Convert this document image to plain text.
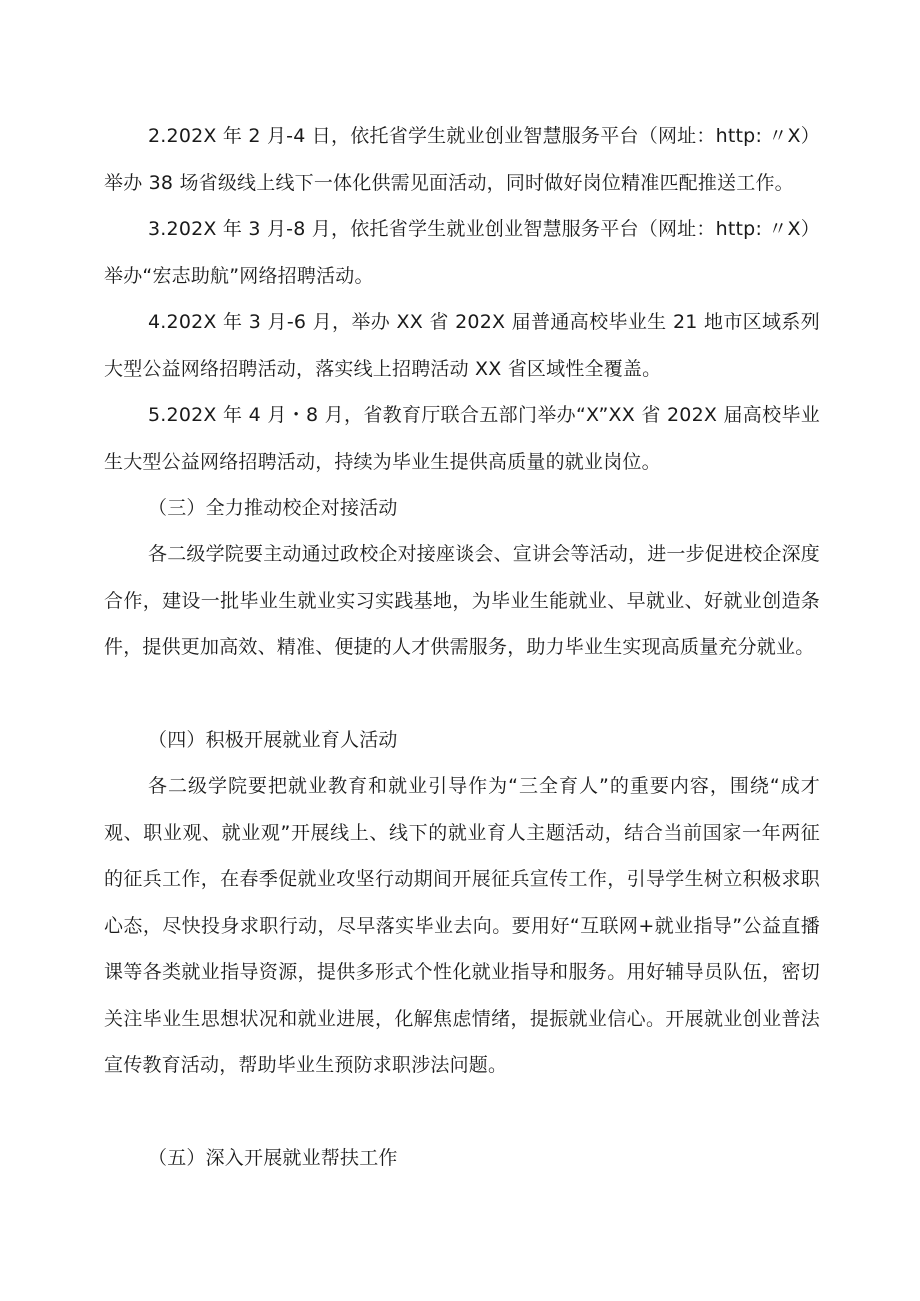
2.202X 年 2 月-4 日，依托省学生就业创业智慧服务平台（网址：http: 〃X）举办 38 场省级线上线下一体化供需见面活动，同时做好岗位精准匹配推送工作。

3.202X 年 3 月-8 月，依托省学生就业创业智慧服务平台（网址：http: 〃X）举办“宏志助航”网络招聘活动。

4.202X 年 3 月-6 月，举办 XX 省 202X 届普通高校毕业生 21 地市区域系列大型公益网络招聘活动，落实线上招聘活动 XX 省区域性全覆盖。

5.202X 年 4 月・8 月，省教育厅联合五部门举办“X”XX 省 202X 届高校毕业生大型公益网络招聘活动，持续为毕业生提供高质量的就业岗位。

（三）全力推动校企对接活动

各二级学院要主动通过政校企对接座谈会、宣讲会等活动，进一步促进校企深度合作，建设一批毕业生就业实习实践基地，为毕业生能就业、早就业、好就业创造条件，提供更加高效、精准、便捷的人才供需服务，助力毕业生实现高质量充分就业。

（四）积极开展就业育人活动

各二级学院要把就业教育和就业引导作为“三全育人”的重要内容，围绕“成才观、职业观、就业观”开展线上、线下的就业育人主题活动，结合当前国家一年两征的征兵工作，在春季促就业攻坚行动期间开展征兵宣传工作，引导学生树立积极求职心态，尽快投身求职行动，尽早落实毕业去向。要用好“互联网+就业指导”公益直播课等各类就业指导资源，提供多形式个性化就业指导和服务。用好辅导员队伍，密切关注毕业生思想状况和就业进展，化解焦虑情绪，提振就业信心。开展就业创业普法宣传教育活动，帮助毕业生预防求职涉法问题。

（五）深入开展就业帮扶工作
